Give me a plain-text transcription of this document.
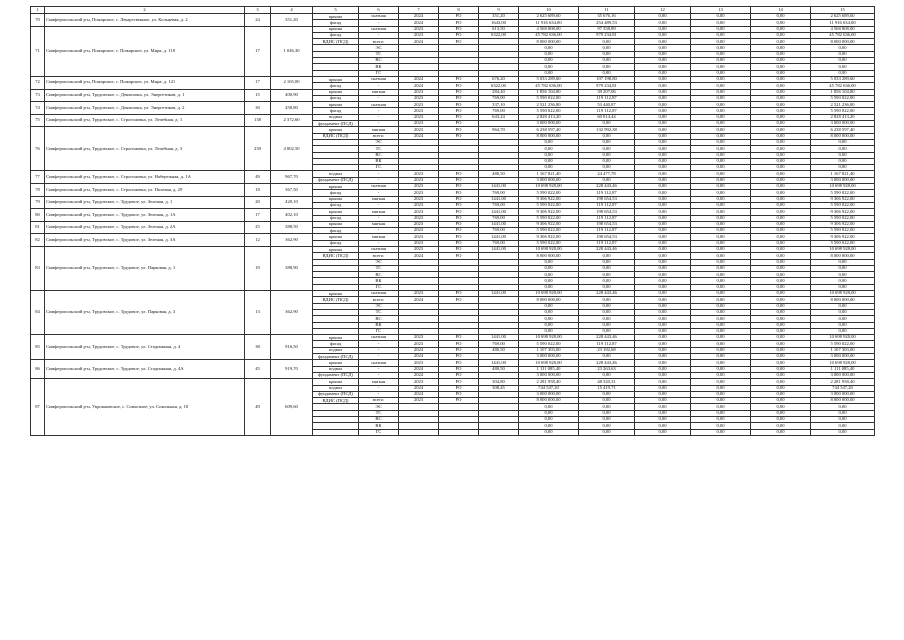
1	2	3	4	5	6	7	8	9	10	11	12	13	14	15
70	Симферопольский р-н, Пожарское, с. Лекарственное, ул. Кольцевая, д. 2	24	351,20	крыша	скатная	2024	РО	351,20	2 625 689,60	35 676,16	0,00	0,00	0,00	2 625 689,60
				фасад	-	2024	РО	1643,00	11 916 634,00	254 489,53	0,00	0,00	0,00	11 916 634,00
71	Симферопольский р-н, Пожарское, с. Пожарское, ул. Мира, д. 119	17	1 046,30	крыша	скатная	2023	РО	613,50	4 568 808,00	97 358,89	0,00	0,00	0,00	4 568 808,00
				фасад	-	2023	РО	6322,00	45 782 636,00	979 234,81	0,00	0,00	0,00	45 782 636,00
				ВДИС (ПСД)	всего:	2024	РО		8 000 000,00	0,00	0,00	0,00	0,00	8 000 000,00
					ЭС				0,00	0,00	0,00	0,00	0,00	0,00
					ТС				0,00	0,00	0,00	0,00	0,00	0,00
					ВС				0,00	0,00	0,00	0,00	0,00	0,00
					ВК				0,00	0,00	0,00	0,00	0,00	0,00
					ГС				0,00	0,00	0,00	0,00	0,00	0,00
72	Симферопольский р-н, Пожарское, с. Пожарское, ул. Мира, д. 121	17	2 165,00	крыша	скатная	2024	РО	676,20	5 033 289,60	107 198,80	0,00	0,00	0,00	5 033 289,60
				фасад	-	2024	РО	6322,00	45 782 636,00	979 234,81	0,00	0,00	0,00	45 782 636,00
73	Симферопольский р-н, Трудовское, с. Денисовка, ул. Энергетиков, д. 1	15	400,90	крыша	мягкая	2023	РО	284,40	1 856 104,80	39 207,06	0,00	0,00	0,00	1 856 104,80
				фасад	-	2023	РО	769,00	5 590 022,00	119 112,87	0,00	0,00	0,00	5 590 022,00
74	Симферопольский р-н, Трудовское, с. Денисовка, ул. Энергетиков, д. 2	30	458,80	крыша	скатная	2023	РО	337,10	2 521 236,80	53 440,87	0,00	0,00	0,00	2 521 236,80
				фасад	-	2023	РО	769,00	5 590 022,00	119 112,87	0,00	0,00	0,00	5 590 022,00
75	Симферопольский р-н, Трудовское, с. Строгоновка, ул. Лечебная, д. 1	138	2 372,60	подвал	-	2023	РО	643,24	2 828 413,20	60 014,44	0,00	0,00	0,00	2 828 413,20
				фундамент (ПСД)	-	2023	РО		3 000 000,00	0,00	0,00	0,00	0,00	3 000 000,00
76	Симферопольский р-н, Трудовское, с. Строгоновка, ул. Лечебная, д. 3	239	4 802,50	крыша	мягкая	2023	РО	964,70	6 238 597,40	132 992,38	0,00	0,00	0,00	6 238 597,40
				ВДИС (ПСД)	всего:	2024	РО		8 000 000,00	0,00	0,00	0,00	0,00	8 000 000,00
					ЭС				0,00	0,00	0,00	0,00	0,00	0,00
					ТС				0,00	0,00	0,00	0,00	0,00	0,00
					ВС				0,00	0,00	0,00	0,00	0,00	0,00
					ВК				0,00	0,00	0,00	0,00	0,00	0,00
					ГС				0,00	0,00	0,00	0,00	0,00	0,00
77	Симферопольский р-н, Трудовское, с. Строгоновка, ул. Набережная, д. 1А	49	967,70	подвал	-	2023	РО	480,50	1 167 821,40	24 477,78	0,00	0,00	0,00	1 167 821,40
				фундамент (ПСД)	-	2023	РО		3 000 000,00	0,00	0,00	0,00	0,00	3 000 000,00
78	Симферопольский р-н, Трудовское, с. Строгоновка, ул. Полевая, д. 29	18	367,50	крыша	скатная	2023	РО	1441,00	10 698 928,00	228 443,46	0,00	0,00	0,00	10 698 928,00
				фасад	-	2023	РО	769,00	5 590 022,00	119 112,87	0,00	0,00	0,00	5 590 022,00
79	Симферопольский р-н, Трудовское, с. Трудовое, ул. Зеленая, д. 1	20	420,10	крыша	мягкая	2023	РО	1441,00	9 306 922,00	198 654,53	0,00	0,00	0,00	9 306 922,00
				фасад	-	2023	РО	769,00	5 590 022,00	119 112,87	0,00	0,00	0,00	5 590 022,00
80	Симферопольский р-н, Трудовское, с. Трудовое, ул. Зеленая, д. 1А	17	402,10	крыша	мягкая	2023	РО	1441,00	9 306 922,00	198 654,53	0,00	0,00	0,00	9 306 922,00
				фасад	-	2023	РО	769,00	5 590 022,00	119 112,87	0,00	0,00	0,00	5 590 022,00
81	Симферопольский р-н, Трудовское, с. Трудовое, ул. Зеленая, д. 2А	25	388,50	крыша	мягкая	2023	РО	1441,00	9 306 922,00	198 654,53	0,00	0,00	0,00	9 306 922,00
				фасад	-	2023	РО	769,00	5 590 022,00	119 112,87	0,00	0,00	0,00	5 590 022,00
82	Симферопольский р-н, Трудовское, с. Трудовое, ул. Зеленая, д. 3А	12	362,90	крыша	мягкая	2023	РО	1441,00	9 306 922,00	198 654,53	0,00	0,00	0,00	9 306 922,00
				фасад	-	2023	РО	769,00	5 590 022,00	119 112,87	0,00	0,00	0,00	5 590 022,00
83	Симферопольский р-н, Трудовское, с. Трудовое, ул. Парковая, д. 1	19	388,90	крыша	скатная	2023	РО	1441,00	10 698 928,00	228 443,46	0,00	0,00	0,00	10 698 928,00
				ВДИС (ПСД)	всего:	2024	РО		8 000 000,00	0,00	0,00	0,00	0,00	8 000 000,00
					ЭС				0,00	0,00	0,00	0,00	0,00	0,00
					ТС				0,00	0,00	0,00	0,00	0,00	0,00
					ВС				0,00	0,00	0,00	0,00	0,00	0,00
					ВК				0,00	0,00	0,00	0,00	0,00	0,00
					ГС				0,00	0,00	0,00	0,00	0,00	0,00
84	Симферопольский р-н, Трудовское, с. Трудовое, ул. Парковая, д. 3	13	362,90	крыша	скатная	2023	РО	1441,00	10 698 928,00	228 443,46	0,00	0,00	0,00	10 698 928,00
				ВДИС (ПСД)	всего:	2024	РО		8 000 000,00	0,00	0,00	0,00	0,00	8 000 000,00
					ЭС				0,00	0,00	0,00	0,00	0,00	0,00
					ТС				0,00	0,00	0,00	0,00	0,00	0,00
					ВС				0,00	0,00	0,00	0,00	0,00	0,00
					ВК				0,00	0,00	0,00	0,00	0,00	0,00
					ГС				0,00	0,00	0,00	0,00	0,00	0,00
85	Симферопольский р-н, Трудовское, с. Трудовое, ул. Стадионная, д. 4	38	916,50	крыша	скатная	2023	РО	1441,00	10 698 928,00	228 443,46	0,00	0,00	0,00	10 698 928,00
				фасад	-	2023	РО	769,00	5 590 022,00	119 112,87	0,00	0,00	0,00	5 590 022,00
				подвал	-	2024	РО	480,50	1 107 303,00	23 182,68	0,00	0,00	0,00	1 107 303,00
				фундамент (ПСД)	-	2024	РО		3 000 000,00	0,00	0,00	0,00	0,00	3 000 000,00
86	Симферопольский р-н, Трудовское, с. Трудовое, ул. Стадионная, д. 4А	45	919,70	крыша	скатная	2023	РО	1441,00	10 698 928,00	228 443,46	0,00	0,00	0,00	10 698 928,00
				подвал	-	2024	РО	480,50	1 111 085,40	23 263,63	0,00	0,00	0,00	1 111 085,40
				фундамент (ПСД)	-	2024	РО		3 000 000,00	0,00	0,00	0,00	0,00	3 000 000,00
87	Симферопольский р-н, Укромновское, с. Совхозное, ул. Сокольная, д. 10	49	609,60	крыша	мягкая	2023	РО	304,80	2 281 958,40	48 320,31	0,00	0,00	0,00	2 281 958,40
				подвал	-	2024	РО	308,45	744 547,20	15 419,71	0,00	0,00	0,00	744 547,20
				фундамент (ПСД)	-	2024	РО		3 000 000,00	0,00	0,00	0,00	0,00	3 000 000,00
				ВДИС (ПСД)	всего:	2023	РО		8 000 000,00	0,00	0,00	0,00	0,00	8 000 000,00
					ЭС				0,00	0,00	0,00	0,00	0,00	0,00
					ТС				0,00	0,00	0,00	0,00	0,00	0,00
					ВС				0,00	0,00	0,00	0,00	0,00	0,00
					ВК				0,00	0,00	0,00	0,00	0,00	0,00
					ГС				0,00	0,00	0,00	0,00	0,00	0,00
